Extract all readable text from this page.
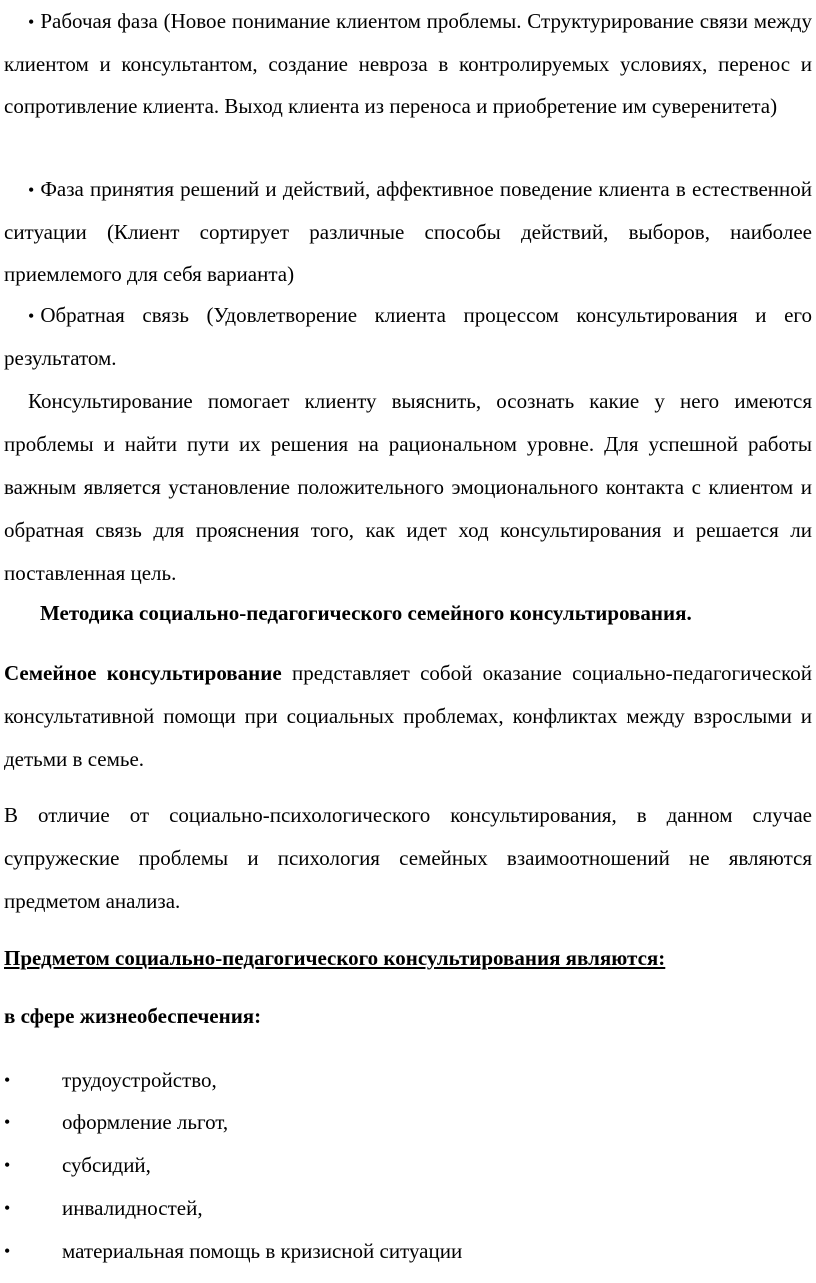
• Рабочая фаза (Новое понимание клиентом проблемы. Структурирование связи между клиентом и консультантом, создание невроза в контролируемых условиях, перенос и сопротивление клиента. Выход клиента из переноса и приобретение им суверенитета)
• Фаза принятия решений и действий, аффективное поведение клиента в естественной ситуации (Клиент сортирует различные способы действий, выборов, наиболее приемлемого для себя варианта)
• Обратная связь (Удовлетворение клиента процессом консультирования и его результатом.
Консультирование помогает клиенту выяснить, осознать какие у него имеются проблемы и найти пути их решения на рациональном уровне. Для успешной работы важным является установление положительного эмоционального контакта с клиентом и обратная связь для прояснения того, как идет ход консультирования и решается ли поставленная цель.
Методика социально-педагогического семейного консультирования.
Семейное консультирование представляет собой оказание социально-педагогической консультативной помощи при социальных проблемах, конфликтах между взрослыми и детьми в семье.
В отличие от социально-психологического консультирования, в данном случае супружеские проблемы и психология семейных взаимоотношений не являются предметом анализа.
Предметом социально-педагогического консультирования являются:
в сфере жизнеобеспечения:
• трудоустройство,
• оформление льгот,
• субсидий,
• инвалидностей,
• материальная помощь в кризисной ситуации
